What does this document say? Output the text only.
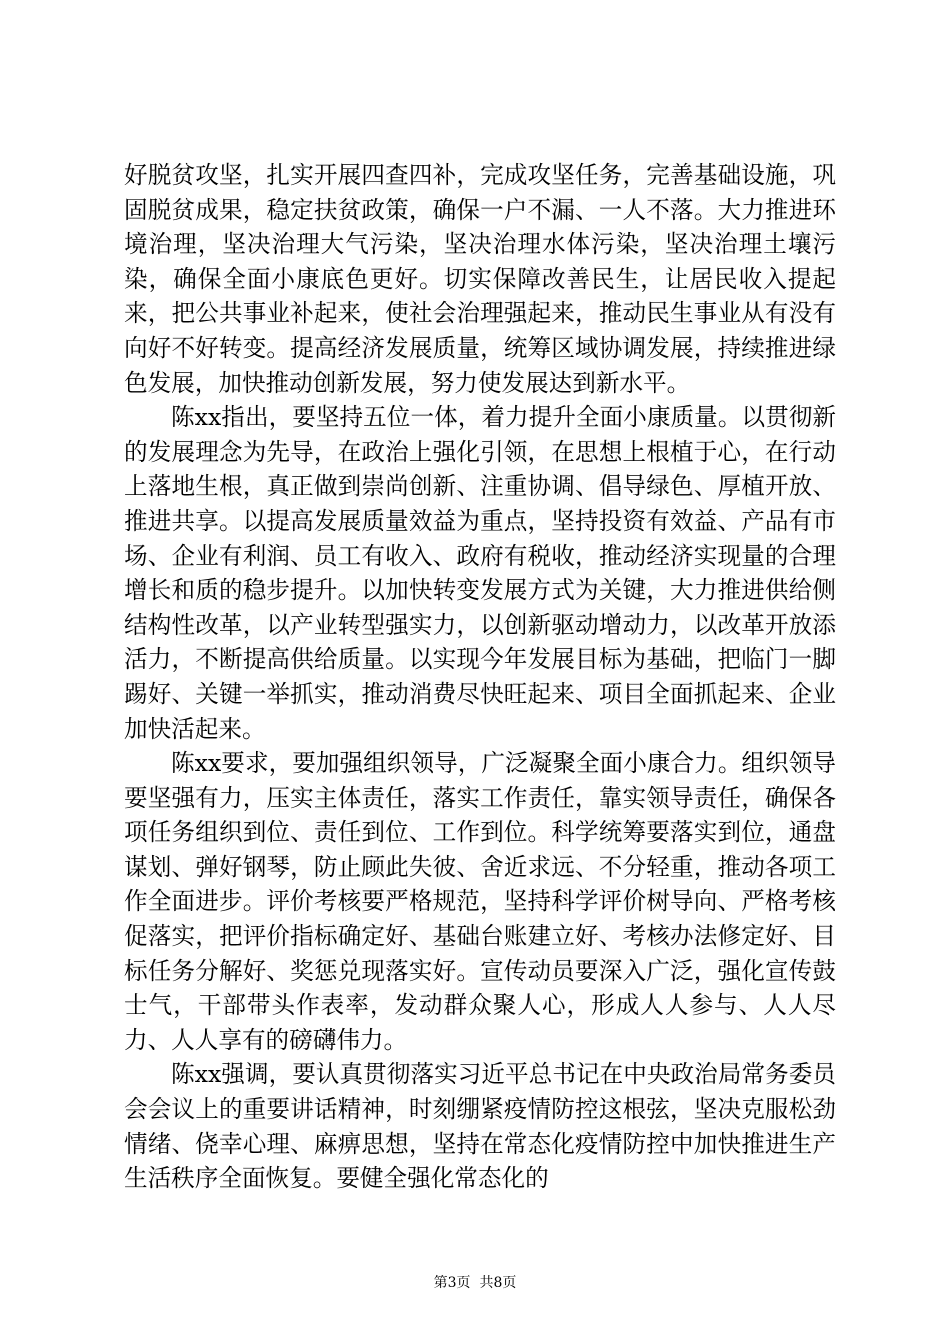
好脱贫攻坚，扎实开展四查四补，完成攻坚任务，完善基础设施，巩固脱贫成果，稳定扶贫政策，确保一户不漏、一人不落。大力推进环境治理，坚决治理大气污染，坚决治理水体污染，坚决治理土壤污染，确保全面小康底色更好。切实保障改善民生，让居民收入提起来，把公共事业补起来，使社会治理强起来，推动民生事业从有没有向好不好转变。提高经济发展质量，统筹区域协调发展，持续推进绿色发展，加快推动创新发展，努力使发展达到新水平。

陈xx指出，要坚持五位一体，着力提升全面小康质量。以贯彻新的发展理念为先导，在政治上强化引领，在思想上根植于心，在行动上落地生根，真正做到崇尚创新、注重协调、倡导绿色、厚植开放、推进共享。以提高发展质量效益为重点，坚持投资有效益、产品有市场、企业有利润、员工有收入、政府有税收，推动经济实现量的合理增长和质的稳步提升。以加快转变发展方式为关键，大力推进供给侧结构性改革，以产业转型强实力，以创新驱动增动力，以改革开放添活力，不断提高供给质量。以实现今年发展目标为基础，把临门一脚踢好、关键一举抓实，推动消费尽快旺起来、项目全面抓起来、企业加快活起来。

陈xx要求，要加强组织领导，广泛凝聚全面小康合力。组织领导要坚强有力，压实主体责任，落实工作责任，靠实领导责任，确保各项任务组织到位、责任到位、工作到位。科学统筹要落实到位，通盘谋划、弹好钢琴，防止顾此失彼、舍近求远、不分轻重，推动各项工作全面进步。评价考核要严格规范，坚持科学评价树导向、严格考核促落实，把评价指标确定好、基础台账建立好、考核办法修定好、目标任务分解好、奖惩兑现落实好。宣传动员要深入广泛，强化宣传鼓士气，干部带头作表率，发动群众聚人心，形成人人参与、人人尽力、人人享有的磅礴伟力。

陈xx强调，要认真贯彻落实习近平总书记在中央政治局常务委员会会议上的重要讲话精神，时刻绷紧疫情防控这根弦，坚决克服松劲情绪、侥幸心理、麻痹思想，坚持在常态化疫情防控中加快推进生产生活秩序全面恢复。要健全强化常态化的

第3页  共8页
